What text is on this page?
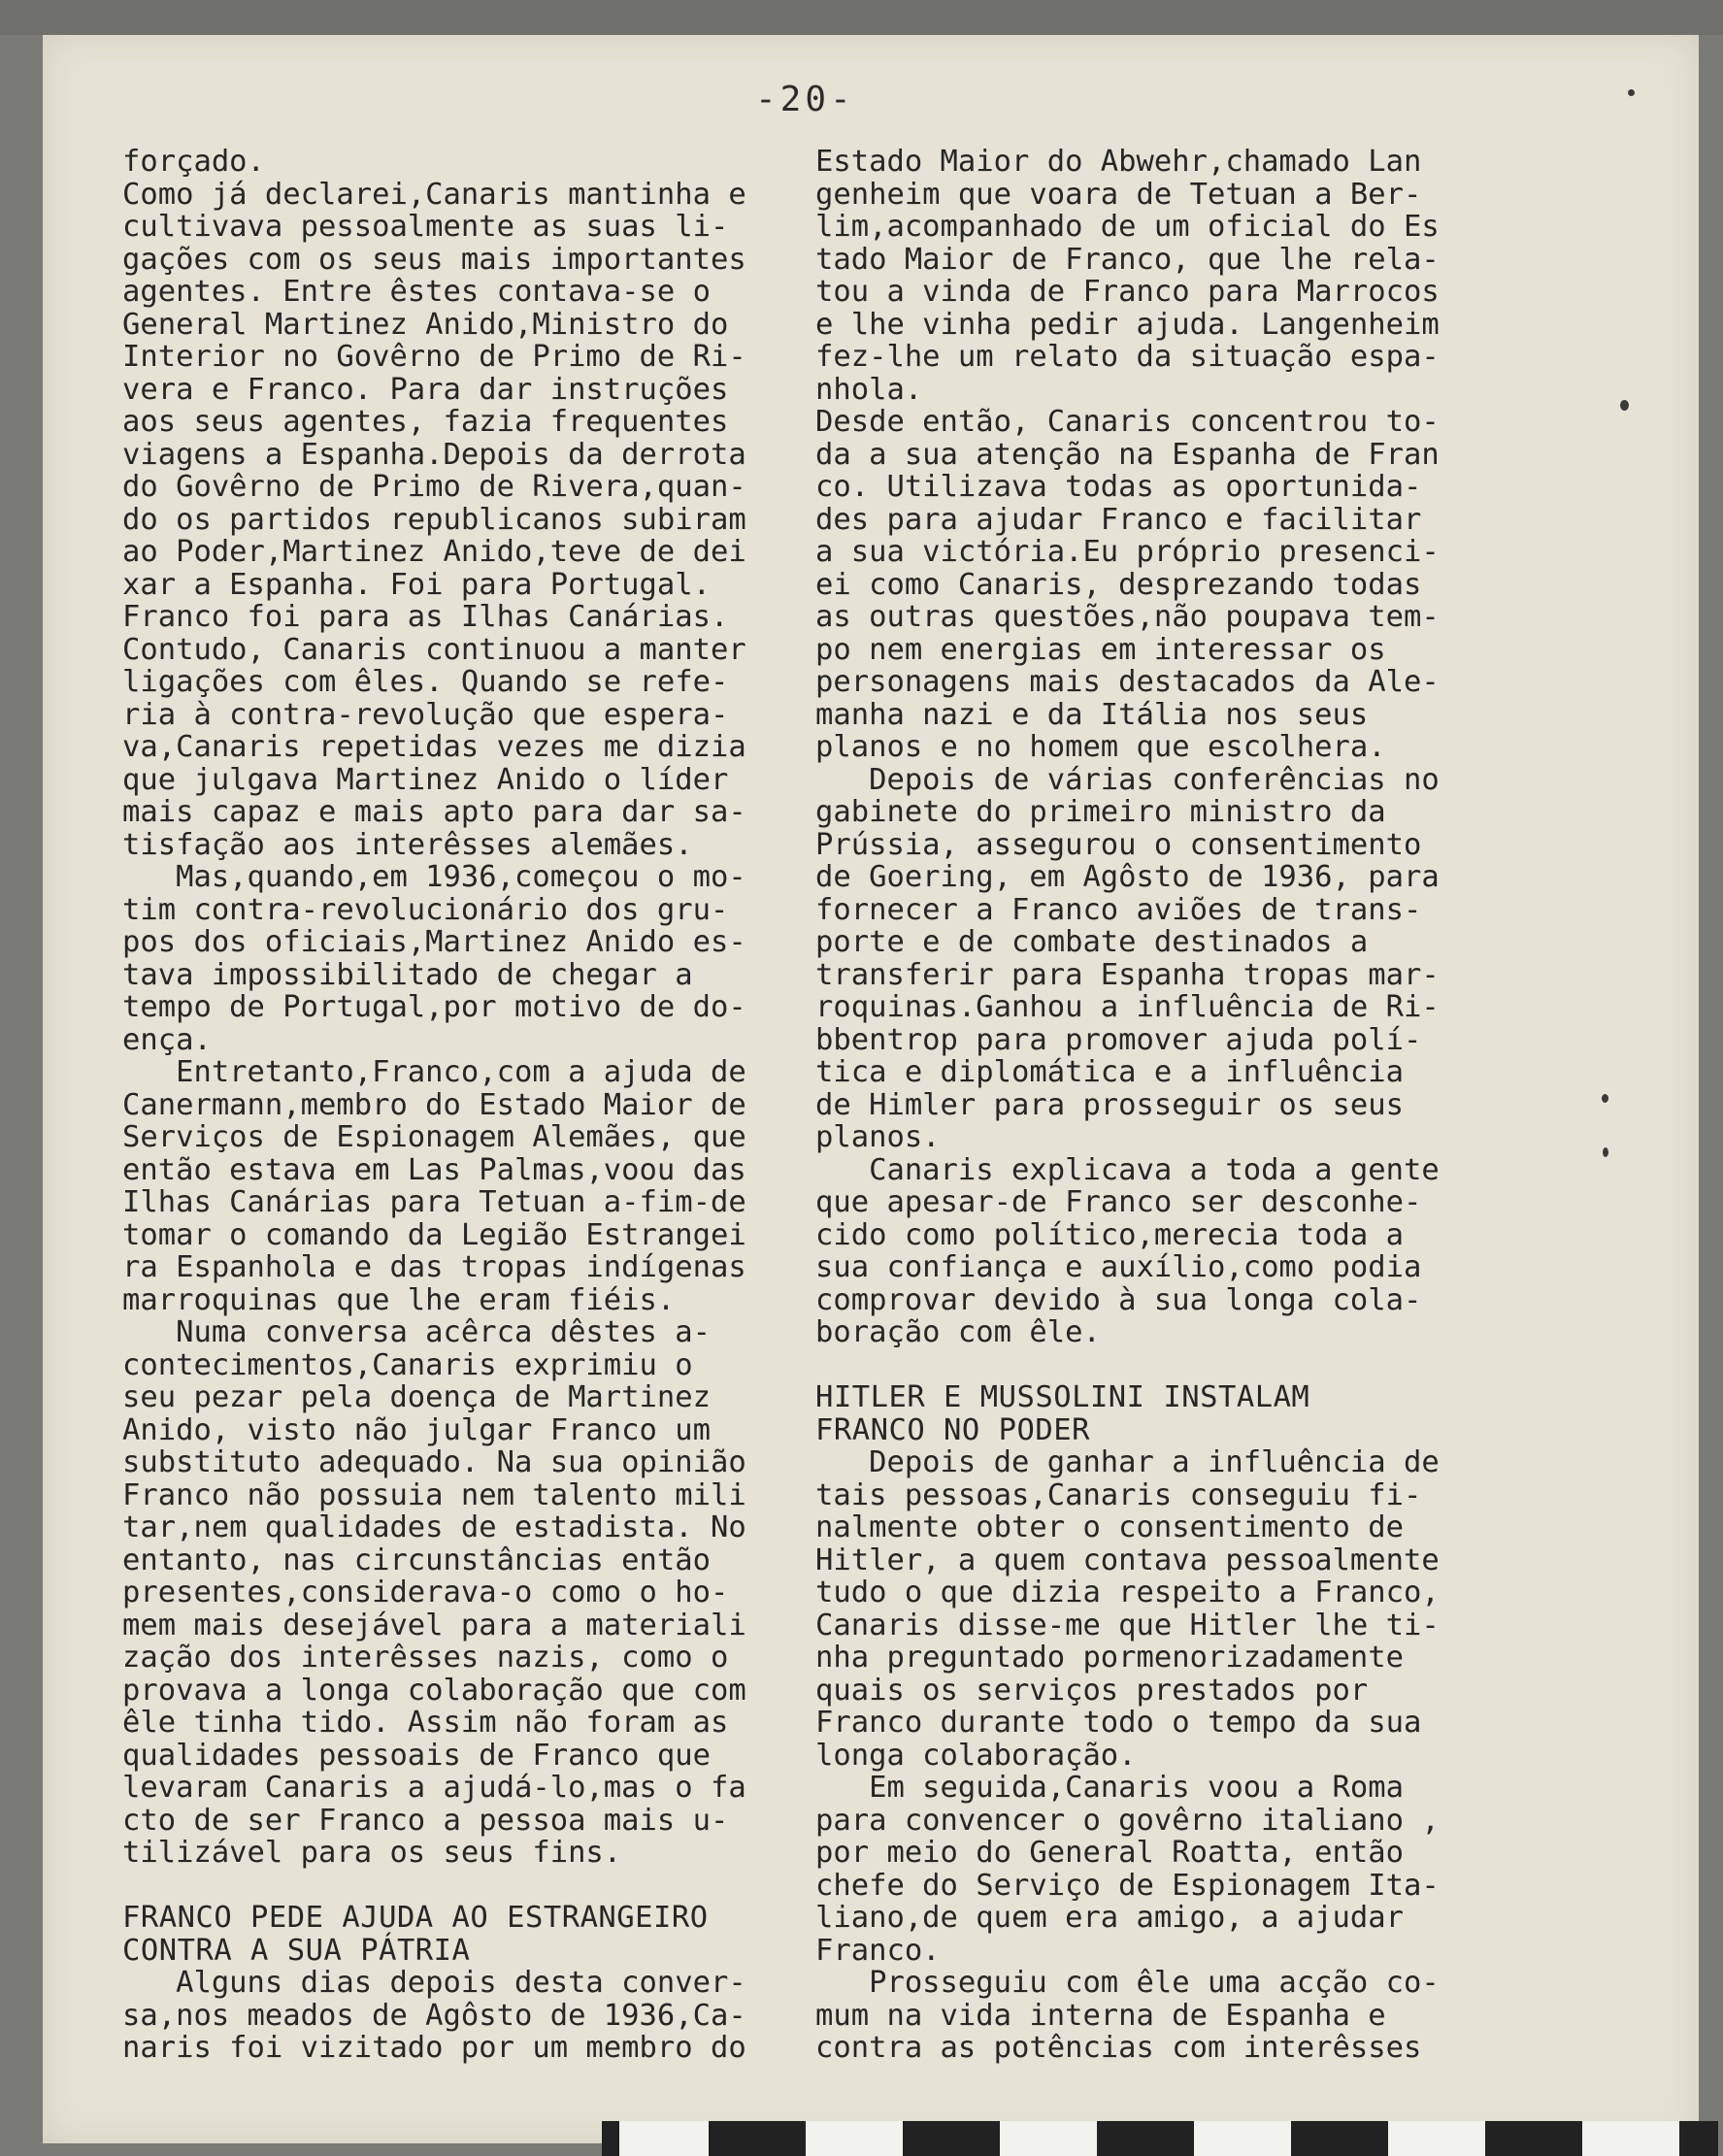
-20-
forçado.
Como já declarei,Canaris mantinha e
cultivava pessoalmente as suas li-
gações com os seus mais importantes
agentes. Entre êstes contava-se o
General Martinez Anido,Ministro do
Interior no Govêrno de Primo de Ri-
vera e Franco. Para dar instruções
aos seus agentes, fazia frequentes
viagens a Espanha.Depois da derrota
do Govêrno de Primo de Rivera,quan-
do os partidos republicanos subiram
ao Poder,Martinez Anido,teve de dei
xar a Espanha. Foi para Portugal.
Franco foi para as Ilhas Canárias.
Contudo, Canaris continuou a manter
ligações com êles. Quando se refe-
ria à contra-revolução que espera-
va,Canaris repetidas vezes me dizia
que julgava Martinez Anido o líder
mais capaz e mais apto para dar sa-
tisfação aos interêsses alemães.
Mas,quando,em 1936,começou o mo-
tim contra-revolucionário dos gru-
pos dos oficiais,Martinez Anido es-
tava impossibilitado de chegar a
tempo de Portugal,por motivo de do-
ença.
Entretanto,Franco,com a ajuda de
Canermann,membro do Estado Maior de
Serviços de Espionagem Alemães, que
então estava em Las Palmas,voou das
Ilhas Canárias para Tetuan a-fim-de
tomar o comando da Legião Estrangei
ra Espanhola e das tropas indígenas
marroquinas que lhe eram fiéis.
Numa conversa acêrca dêstes a-
contecimentos,Canaris exprimiu o
seu pezar pela doença de Martinez
Anido, visto não julgar Franco um
substituto adequado. Na sua opinião
Franco não possuia nem talento mili
tar,nem qualidades de estadista. No
entanto, nas circunstâncias então
presentes,considerava-o como o ho-
mem mais desejável para a materiali
zação dos interêsses nazis, como o
provava a longa colaboração que com
êle tinha tido. Assim não foram as
qualidades pessoais de Franco que
levaram Canaris a ajudá-lo,mas o fa
cto de ser Franco a pessoa mais u-
tilizável para os seus fins.
FRANCO PEDE AJUDA AO ESTRANGEIRO
CONTRA A SUA PÁTRIA
Alguns dias depois desta conver-
sa,nos meados de Agôsto de 1936,Ca-
naris foi vizitado por um membro do
Estado Maior do Abwehr,chamado Lan
genheim que voara de Tetuan a Ber-
lim,acompanhado de um oficial do Es
tado Maior de Franco, que lhe rela-
tou a vinda de Franco para Marrocos
e lhe vinha pedir ajuda. Langenheim
fez-lhe um relato da situação espa-
nhola.
Desde então, Canaris concentrou to-
da a sua atenção na Espanha de Fran
co. Utilizava todas as oportunida-
des para ajudar Franco e facilitar
a sua victória.Eu próprio presenci-
ei como Canaris, desprezando todas
as outras questões,não poupava tem-
po nem energias em interessar os
personagens mais destacados da Ale-
manha nazi e da Itália nos seus
planos e no homem que escolhera.
Depois de várias conferências no
gabinete do primeiro ministro da
Prússia, assegurou o consentimento
de Goering, em Agôsto de 1936, para
fornecer a Franco aviões de trans-
porte e de combate destinados a
transferir para Espanha tropas mar-
roquinas.Ganhou a influência de Ri-
bbentrop para promover ajuda polí-
tica e diplomática e a influência
de Himler para prosseguir os seus
planos.
Canaris explicava a toda a gente
que apesar-de Franco ser desconhe-
cido como político,merecia toda a
sua confiança e auxílio,como podia
comprovar devido à sua longa cola-
boração com êle.
HITLER E MUSSOLINI INSTALAM
FRANCO NO PODER
Depois de ganhar a influência de
tais pessoas,Canaris conseguiu fi-
nalmente obter o consentimento de
Hitler, a quem contava pessoalmente
tudo o que dizia respeito a Franco,
Canaris disse-me que Hitler lhe ti-
nha preguntado pormenorizadamente
quais os serviços prestados por
Franco durante todo o tempo da sua
longa colaboração.
Em seguida,Canaris voou a Roma
para convencer o govêrno italiano ,
por meio do General Roatta, então
chefe do Serviço de Espionagem Ita-
liano,de quem era amigo, a ajudar
Franco.
Prosseguiu com êle uma acção co-
mum na vida interna de Espanha e
contra as potências com interêsses
